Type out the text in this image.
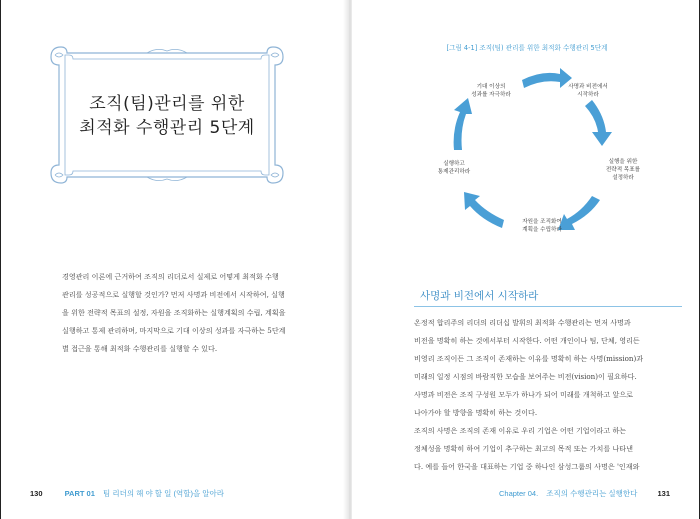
조직(팀)관리를 위한
최적화 수행관리 5단계
경영관리 이론에 근거하여 조직의 리더로서 실제로 어떻게 최적화 수행
관리를 성공적으로 실행할 것인가? 먼저 사명과 비전에서 시작하여, 실행
을 위한 전략적 목표의 설정, 자원을 조직화하는 실행계획의 수립, 계획을
실행하고 통제 관리하며, 마지막으로 기대 이상의 성과를 자극하는 5단계
별 접근을 통해 최적화 수행관리를 실행할 수 있다.
130	PART 01 팀 리더의 해 야 할 일 (역할)을 알아라
[그림 4-1] 조직(팀) 관리를 위한 최적화 수행관리 5단계
사명과 비전에서
시작하라
실행을 위한
전략적 목표를
설정하라
자원을 조직화여
계획을 수립하라
실행하고
통제관리하라
기대 이상의
성과를 자극하라
사명과 비전에서 시작하라
온정적 합리주의 리더의 리더십 발휘의 최적화 수행관리는 먼저 사명과
비전을 명확히 하는 것에서부터 시작한다. 어떤 개인이나 팀, 단체, 영리든
비영리 조직이든 그 조직이 존재하는 이유를 명확히 하는 사명(mission)과
미래의 일정 시점의 바람직한 모습을 보여주는 비전(vision)이 필요하다.
사명과 비전은 조직 구성원 모두가 하나가 되어 미래를 개척하고 앞으로
나아가야 할 방향을 명확히 하는 것이다.
조직의 사명은 조직의 존재 이유로 우리 기업은 어떤 기업이라고 하는
정체성을 명확히 하여 기업이 추구하는 최고의 목적 또는 가치를 나타낸
다. 예를 들어 한국을 대표하는 기업 중 하나인 삼성그룹의 사명은 '인재와
Chapter 04. 조직의 수행관리는 실행한다	131
